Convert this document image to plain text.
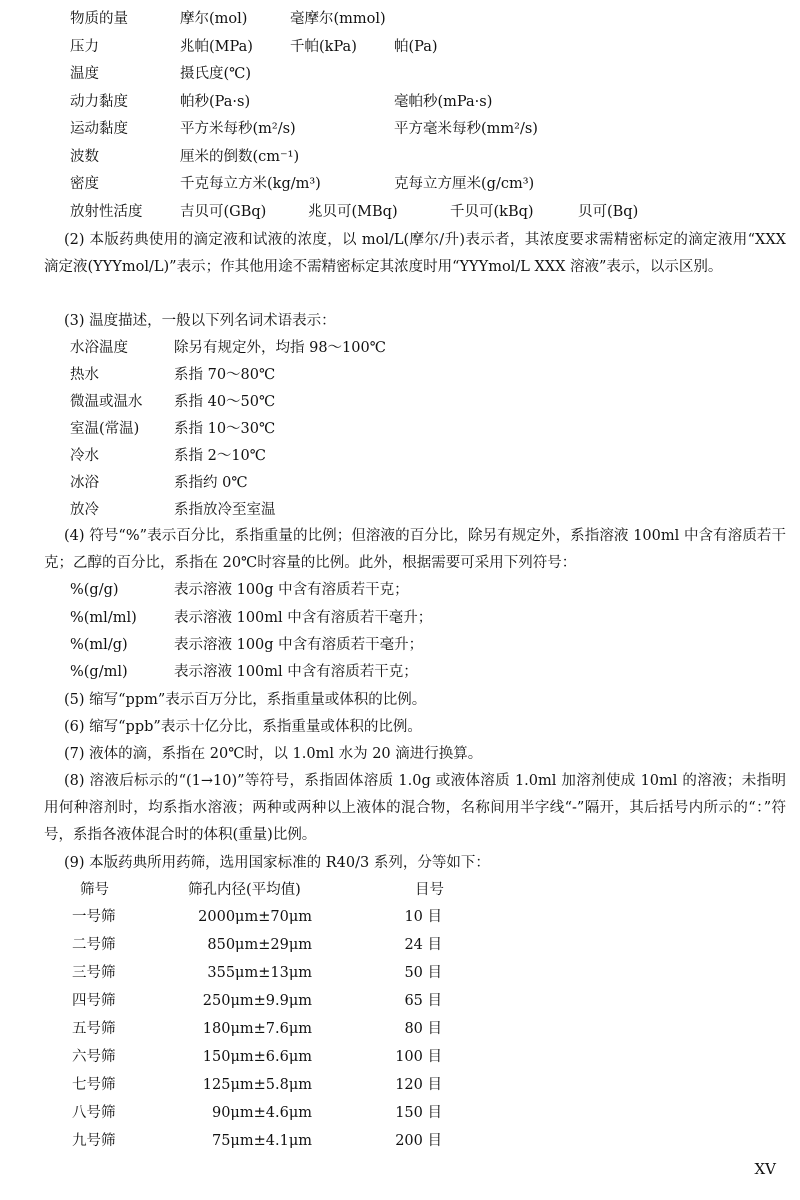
物质的量	摩尔(mol)	毫摩尔(mmol)
压力	兆帕(MPa)	千帕(kPa)	帕(Pa)
温度	摄氏度(℃)
动力黏度	帕秒(Pa·s)	毫帕秒(mPa·s)
运动黏度	平方米每秒(m²/s)	平方毫米每秒(mm²/s)
波数	厘米的倒数(cm⁻¹)
密度	千克每立方米(kg/m³)	克每立方厘米(g/cm³)
放射性活度	吉贝可(GBq)	兆贝可(MBq)	千贝可(kBq)	贝可(Bq)
(2) 本版药典使用的滴定液和试液的浓度，以 mol/L(摩尔/升)表示者，其浓度要求需精密标定的滴定液用“XXX 滴定液(YYYmol/L)”表示；作其他用途不需精密标定其浓度时用“YYYmol/L XXX 溶液”表示，以示区别。
(3) 温度描述，一般以下列名词术语表示：
水浴温度	除另有规定外，均指 98～100℃
热水	系指 70～80℃
微温或温水 系指 40～50℃
室温(常温) 系指 10～30℃
冷水	系指 2～10℃
冰浴	系指约 0℃
放冷	系指放冷至室温
(4) 符号“%”表示百分比，系指重量的比例；但溶液的百分比，除另有规定外，系指溶液 100ml 中含有溶质若干克；乙醇的百分比，系指在 20℃时容量的比例。此外，根据需要可采用下列符号：
%(g/g)	表示溶液 100g 中含有溶质若干克；
%(ml/ml)	表示溶液 100ml 中含有溶质若干毫升；
%(ml/g)	表示溶液 100g 中含有溶质若干毫升；
%(g/ml)	表示溶液 100ml 中含有溶质若干克；
(5) 缩写“ppm”表示百万分比，系指重量或体积的比例。
(6) 缩写“ppb”表示十亿分比，系指重量或体积的比例。
(7) 液体的滴，系指在 20℃时，以 1.0ml 水为 20 滴进行换算。
(8) 溶液后标示的“(1→10)”等符号，系指固体溶质 1.0g 或液体溶质 1.0ml 加溶剂使成 10ml 的溶液；未指明用何种溶剂时，均系指水溶液；两种或两种以上液体的混合物，名称间用半字线“-”隔开，其后括号内所示的“：”符号，系指各液体混合时的体积(重量)比例。
(9) 本版药典所用药筛，选用国家标准的 R40/3 系列，分等如下：
筛号	筛孔内径(平均值)	目号
一号筛	2000μm±70μm	10 目
二号筛	850μm±29μm	24 目
三号筛	355μm±13μm	50 目
四号筛	250μm±9.9μm	65 目
五号筛	180μm±7.6μm	80 目
六号筛	150μm±6.6μm	100 目
七号筛	125μm±5.8μm	120 目
八号筛	90μm±4.6μm	150 目
九号筛	75μm±4.1μm	200 目
XV
